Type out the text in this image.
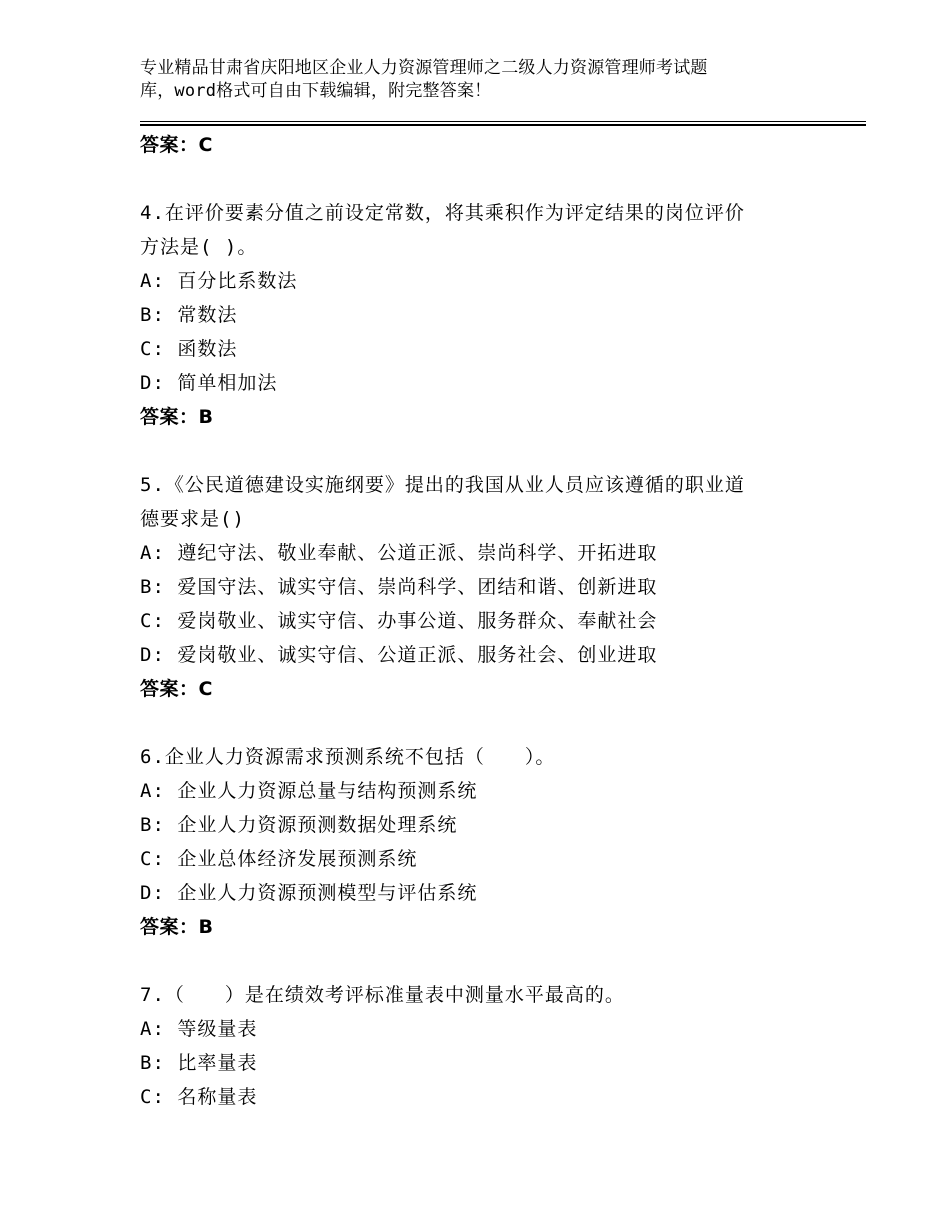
专业精品甘肃省庆阳地区企业人力资源管理师之二级人力资源管理师考试题
库，word格式可自由下载编辑，附完整答案！
答案：C
4.在评价要素分值之前设定常数，将其乘积作为评定结果的岗位评价
方法是( )。
A: 百分比系数法
B: 常数法
C: 函数法
D: 简单相加法
答案：B
5.《公民道德建设实施纲要》提出的我国从业人员应该遵循的职业道
德要求是()
A: 遵纪守法、敬业奉献、公道正派、崇尚科学、开拓进取
B: 爱国守法、诚实守信、崇尚科学、团结和谐、创新进取
C: 爱岗敬业、诚实守信、办事公道、服务群众、奉献社会
D: 爱岗敬业、诚实守信、公道正派、服务社会、创业进取
答案：C
6.企业人力资源需求预测系统不包括（　　）。
A: 企业人力资源总量与结构预测系统
B: 企业人力资源预测数据处理系统
C: 企业总体经济发展预测系统
D: 企业人力资源预测模型与评估系统
答案：B
7.（　　）是在绩效考评标准量表中测量水平最高的。
A: 等级量表
B: 比率量表
C: 名称量表
